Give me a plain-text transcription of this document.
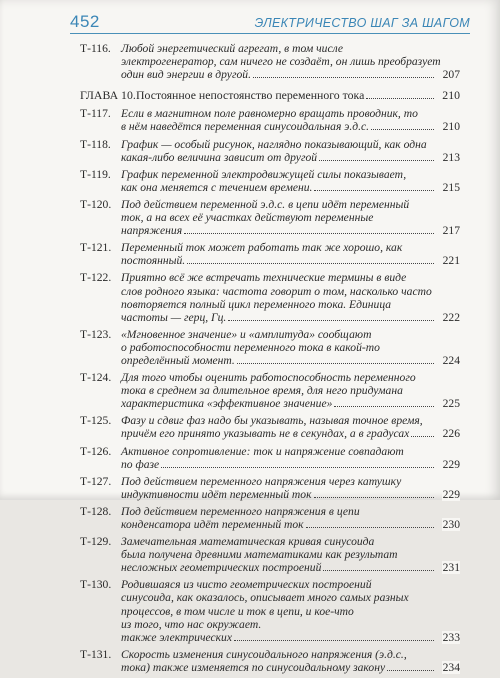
452	ЭЛЕКТРИЧЕСТВО ШАГ ЗА ШАГОМ
Т-116. Любой энергетический агрегат, в том числе
электрогенератор, сам ничего не создаёт, он лишь преобразует
один вид энергии в другой.	207
ГЛАВА 10. Постоянное непостоянство переменного тока	210
Т-117. Если в магнитном поле равномерно вращать проводник, то
в нём наведётся переменная синусоидальная э.д.с.	210
Т-118. График — особый рисунок, наглядно показывающий, как одна
какая-либо величина зависит от другой	213
Т-119. График переменной электродвижущей силы показывает,
как она меняется с течением времени.	215
Т-120. Под действием переменной э.д.с. в цепи идёт переменный
ток, а на всех её участках действуют переменные
напряжения	217
Т-121. Переменный ток может работать так же хорошо, как
постоянный.	221
Т-122. Приятно всё же встречать технические термины в виде
слов родного языка: частота говорит о том, насколько часто
повторяется полный цикл переменного тока. Единица
частоты — герц, Гц.	222
Т-123. «Мгновенное значение» и «амплитуда» сообщают
о работоспособности переменного тока в какой-то
определённый момент.	224
Т-124. Для того чтобы оценить работоспособность переменного
тока в среднем за длительное время, для него придумана
характеристика «эффективное значение»	225
Т-125. Фазу и сдвиг фаз надо бы указывать, называя точное время,
причём его принято указывать не в секундах, а в градусах	226
Т-126. Активное сопротивление: ток и напряжение совпадают
по фазе	229
Т-127. Под действием переменного напряжения через катушку
индуктивности идёт переменный ток	229
Т-128. Под действием переменного напряжения в цепи
конденсатора идёт переменный ток	230
Т-129. Замечательная математическая кривая синусоида
была получена древними математиками как результат
несложных геометрических построений	231
Т-130. Родившаяся из чисто геометрических построений
синусоида, как оказалось, описывает много самых разных
процессов, в том числе и ток в цепи, и кое-что
из того, что нас окружает.
также электрических	233
Т-131. Скорость изменения синусоидального напряжения (э.д.с.,
тока) также изменяется по синусоидальному закону	234
